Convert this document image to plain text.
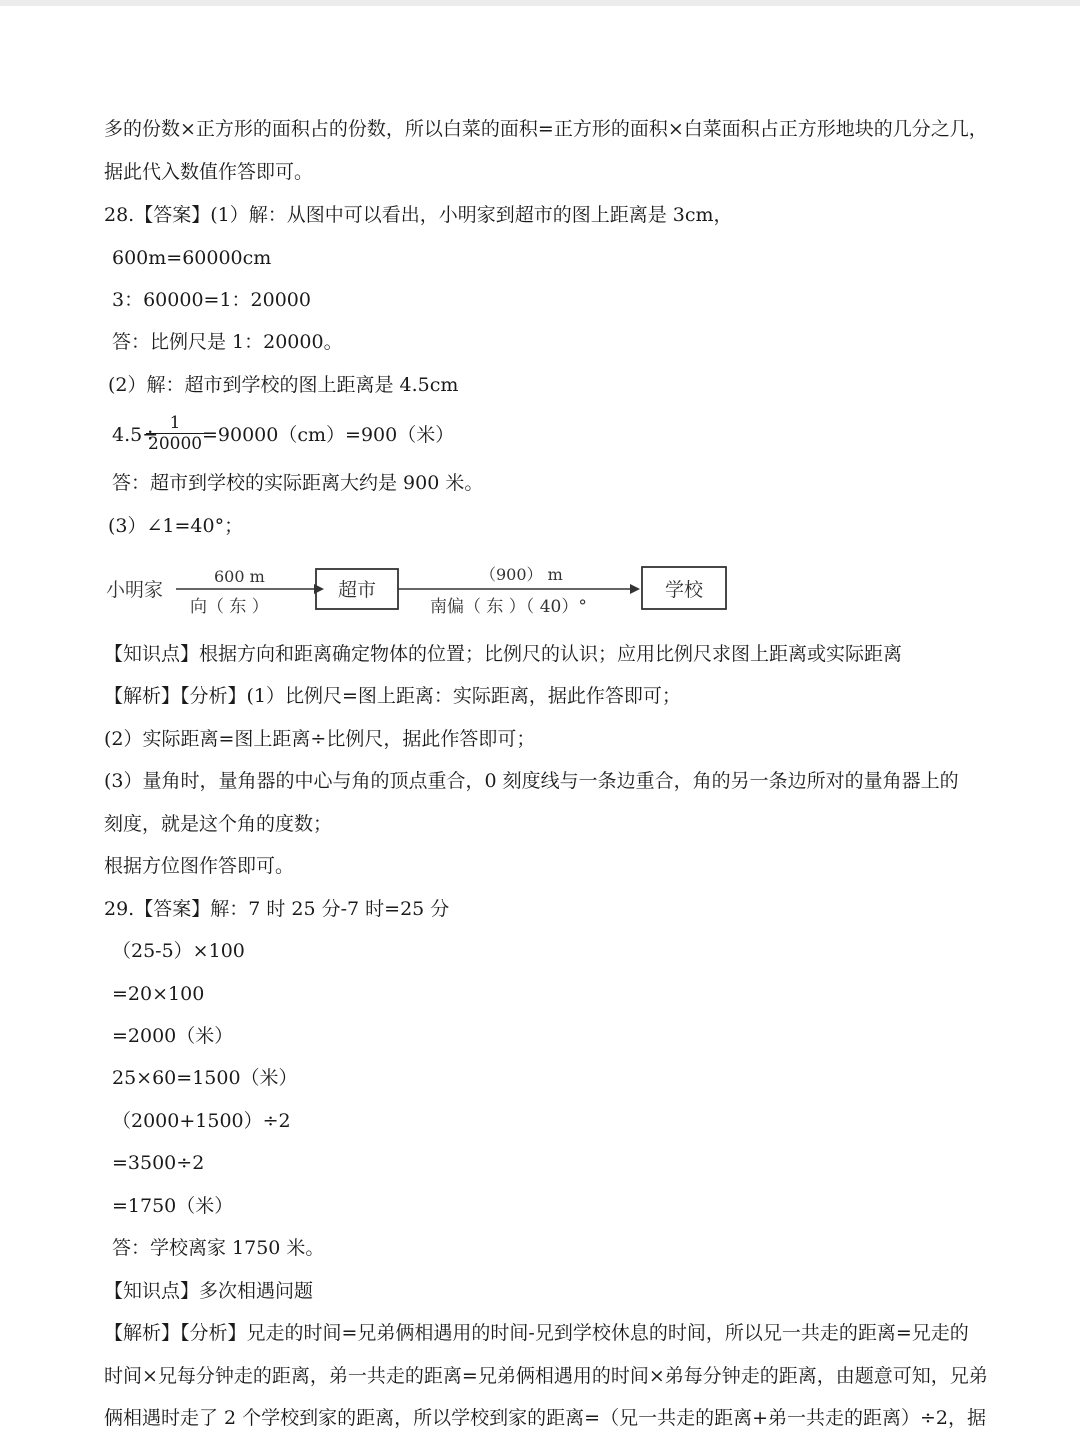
多的份数×正方形的面积占的份数，所以白菜的面积=正方形的面积×白菜面积占正方形地块的几分之几，
据此代入数值作答即可。
28.【答案】(1）解：从图中可以看出，小明家到超市的图上距离是 3cm，
600m=60000cm
3：60000=1：20000
答：比例尺是 1：20000。
(2）解：超市到学校的图上距离是 4.5cm
4.5÷
$\frac{1}{20000}$
=90000（cm）=900（米）
答：超市到学校的实际距离大约是 900 米。
(3）∠1=40°；
小明家
600 m
向（ 东 ）
超市
（900） m
南偏（ 东 ）（ 40）°
学校
【知识点】根据方向和距离确定物体的位置；比例尺的认识；应用比例尺求图上距离或实际距离
【解析】【分析】(1）比例尺=图上距离：实际距离，据此作答即可；
(2）实际距离=图上距离÷比例尺，据此作答即可；
(3）量角时，量角器的中心与角的顶点重合，0 刻度线与一条边重合，角的另一条边所对的量角器上的
刻度，就是这个角的度数；
根据方位图作答即可。
29.【答案】解：7 时 25 分-7 时=25 分
（25-5）×100
=20×100
=2000（米）
25×60=1500（米）
（2000+1500）÷2
=3500÷2
=1750（米）
答：学校离家 1750 米。
【知识点】多次相遇问题
【解析】【分析】兄走的时间=兄弟俩相遇用的时间-兄到学校休息的时间，所以兄一共走的距离=兄走的
时间×兄每分钟走的距离，弟一共走的距离=兄弟俩相遇用的时间×弟每分钟走的距离，由题意可知，兄弟
俩相遇时走了 2 个学校到家的距离，所以学校到家的距离=（兄一共走的距离+弟一共走的距离）÷2，据
